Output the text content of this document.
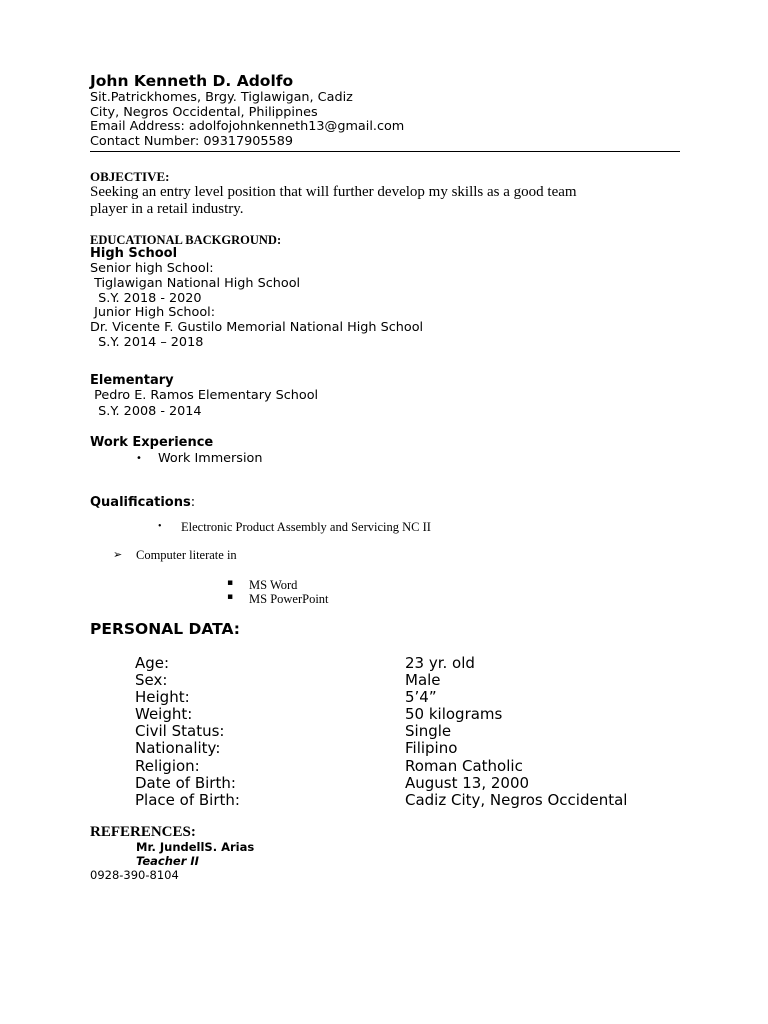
John Kenneth D. Adolfo
Sit.Patrickhomes, Brgy. Tiglawigan, Cadiz
City, Negros Occidental, Philippines
Email Address: adolfojohnkenneth13@gmail.com
Contact Number: 09317905589
OBJECTIVE:
Seeking an entry level position that will further develop my skills as a good team
player in a retail industry.
EDUCATIONAL BACKGROUND:
High School
Senior high School:
Tiglawigan National High School
S.Y. 2018 - 2020
Junior High School:
Dr. Vicente F. Gustilo Memorial National High School
S.Y. 2014 – 2018
Elementary
Pedro E. Ramos Elementary School
S.Y. 2008 - 2014
Work Experience
• Work Immersion
Qualifications:
• Electronic Product Assembly and Servicing NC II
➢ Computer literate in
▪ MS Word
▪ MS PowerPoint
PERSONAL DATA:
Age:	23 yr. old
Sex:	Male
Height:	5’4”
Weight:	50 kilograms
Civil Status:	Single
Nationality:	Filipino
Religion:	Roman Catholic
Date of Birth:	August 13, 2000
Place of Birth:	Cadiz City, Negros Occidental
REFERENCES:
Mr. JundellS. Arias
Teacher II
0928-390-8104
